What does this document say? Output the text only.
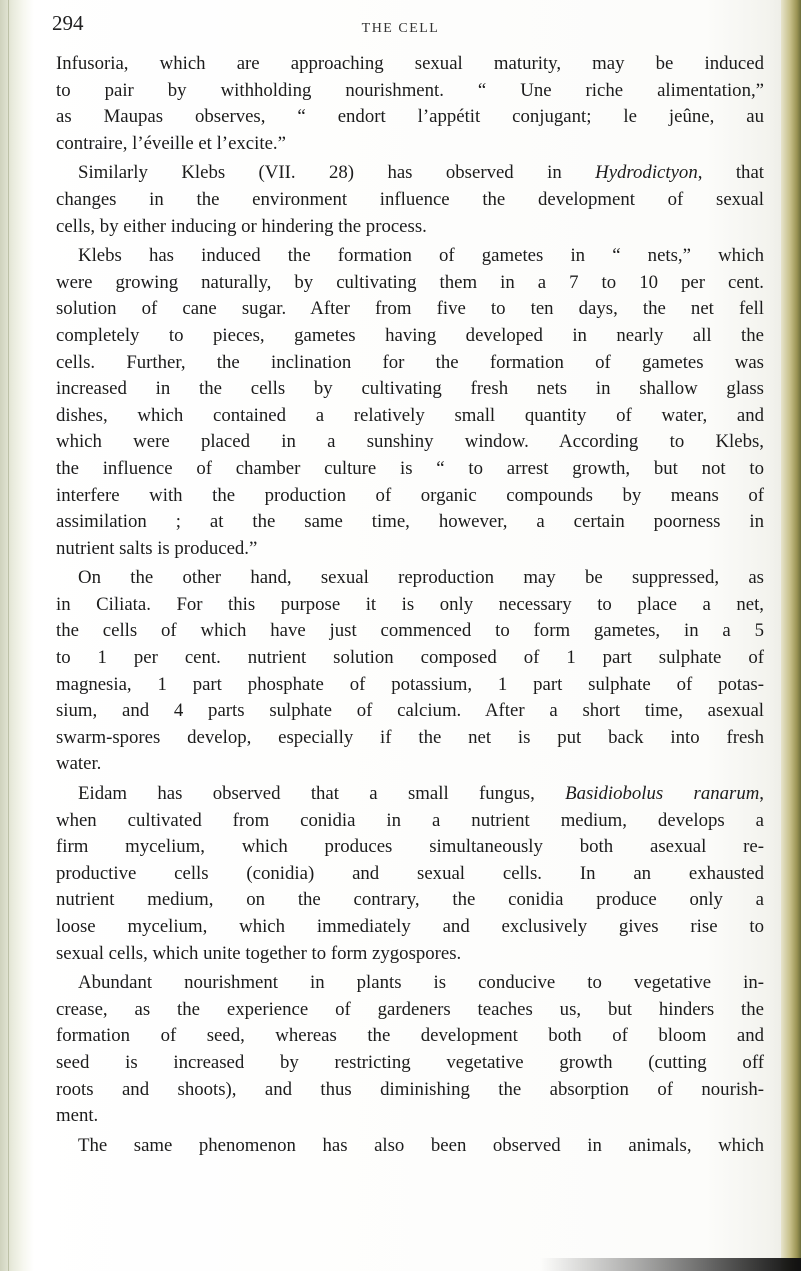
294	THE CELL
Infusoria, which are approaching sexual maturity, may be induced
to pair by withholding nourishment. “ Une riche alimentation,”
as Maupas observes, “ endort l’appétit conjugant; le jeûne, au
contraire, l’éveille et l’excite.”
Similarly Klebs (VII. 28) has observed in Hydrodictyon, that
changes in the environment influence the development of sexual
cells, by either inducing or hindering the process.
Klebs has induced the formation of gametes in “ nets,” which
were growing naturally, by cultivating them in a 7 to 10 per cent.
solution of cane sugar. After from five to ten days, the net fell
completely to pieces, gametes having developed in nearly all the
cells. Further, the inclination for the formation of gametes was
increased in the cells by cultivating fresh nets in shallow glass
dishes, which contained a relatively small quantity of water, and
which were placed in a sunshiny window. According to Klebs,
the influence of chamber culture is “ to arrest growth, but not to
interfere with the production of organic compounds by means of
assimilation ; at the same time, however, a certain poorness in
nutrient salts is produced.”
On the other hand, sexual reproduction may be suppressed, as
in Ciliata. For this purpose it is only necessary to place a net,
the cells of which have just commenced to form gametes, in a 5
to 1 per cent. nutrient solution composed of 1 part sulphate of
magnesia, 1 part phosphate of potassium, 1 part sulphate of potas-
sium, and 4 parts sulphate of calcium. After a short time, asexual
swarm-spores develop, especially if the net is put back into fresh
water.
Eidam has observed that a small fungus, Basidiobolus ranarum,
when cultivated from conidia in a nutrient medium, develops a
firm mycelium, which produces simultaneously both asexual re-
productive cells (conidia) and sexual cells. In an exhausted
nutrient medium, on the contrary, the conidia produce only a
loose mycelium, which immediately and exclusively gives rise to
sexual cells, which unite together to form zygospores.
Abundant nourishment in plants is conducive to vegetative in-
crease, as the experience of gardeners teaches us, but hinders the
formation of seed, whereas the development both of bloom and
seed is increased by restricting vegetative growth (cutting off
roots and shoots), and thus diminishing the absorption of nourish-
ment.
The same phenomenon has also been observed in animals, which
